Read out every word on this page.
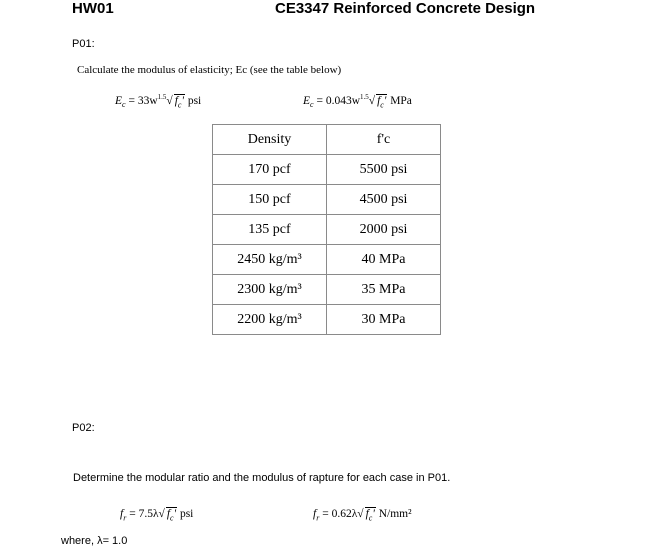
HW01	CE3347 Reinforced Concrete Design
P01:
Calculate the modulus of elasticity; Ec (see the table below)
$E_c = 33w^{1.5}√$ $f_c'$ psi	$E_c = 0.043w^{1.5}√$ $f_c'$ MPa
Density	f'c
170 pcf	5500 psi
150 pcf	4500 psi
135 pcf	2000 psi
2450 kg/m³	40 MPa
2300 kg/m³	35 MPa
2200 kg/m³	30 MPa
P02:
Determine the modular ratio and the modulus of rapture for each case in P01.
$f_r = 7.5\lambda√$ $f_c'$ psi	$f_r = 0.62\lambda√$ $f_c'$ N/mm²
where, λ= 1.0
